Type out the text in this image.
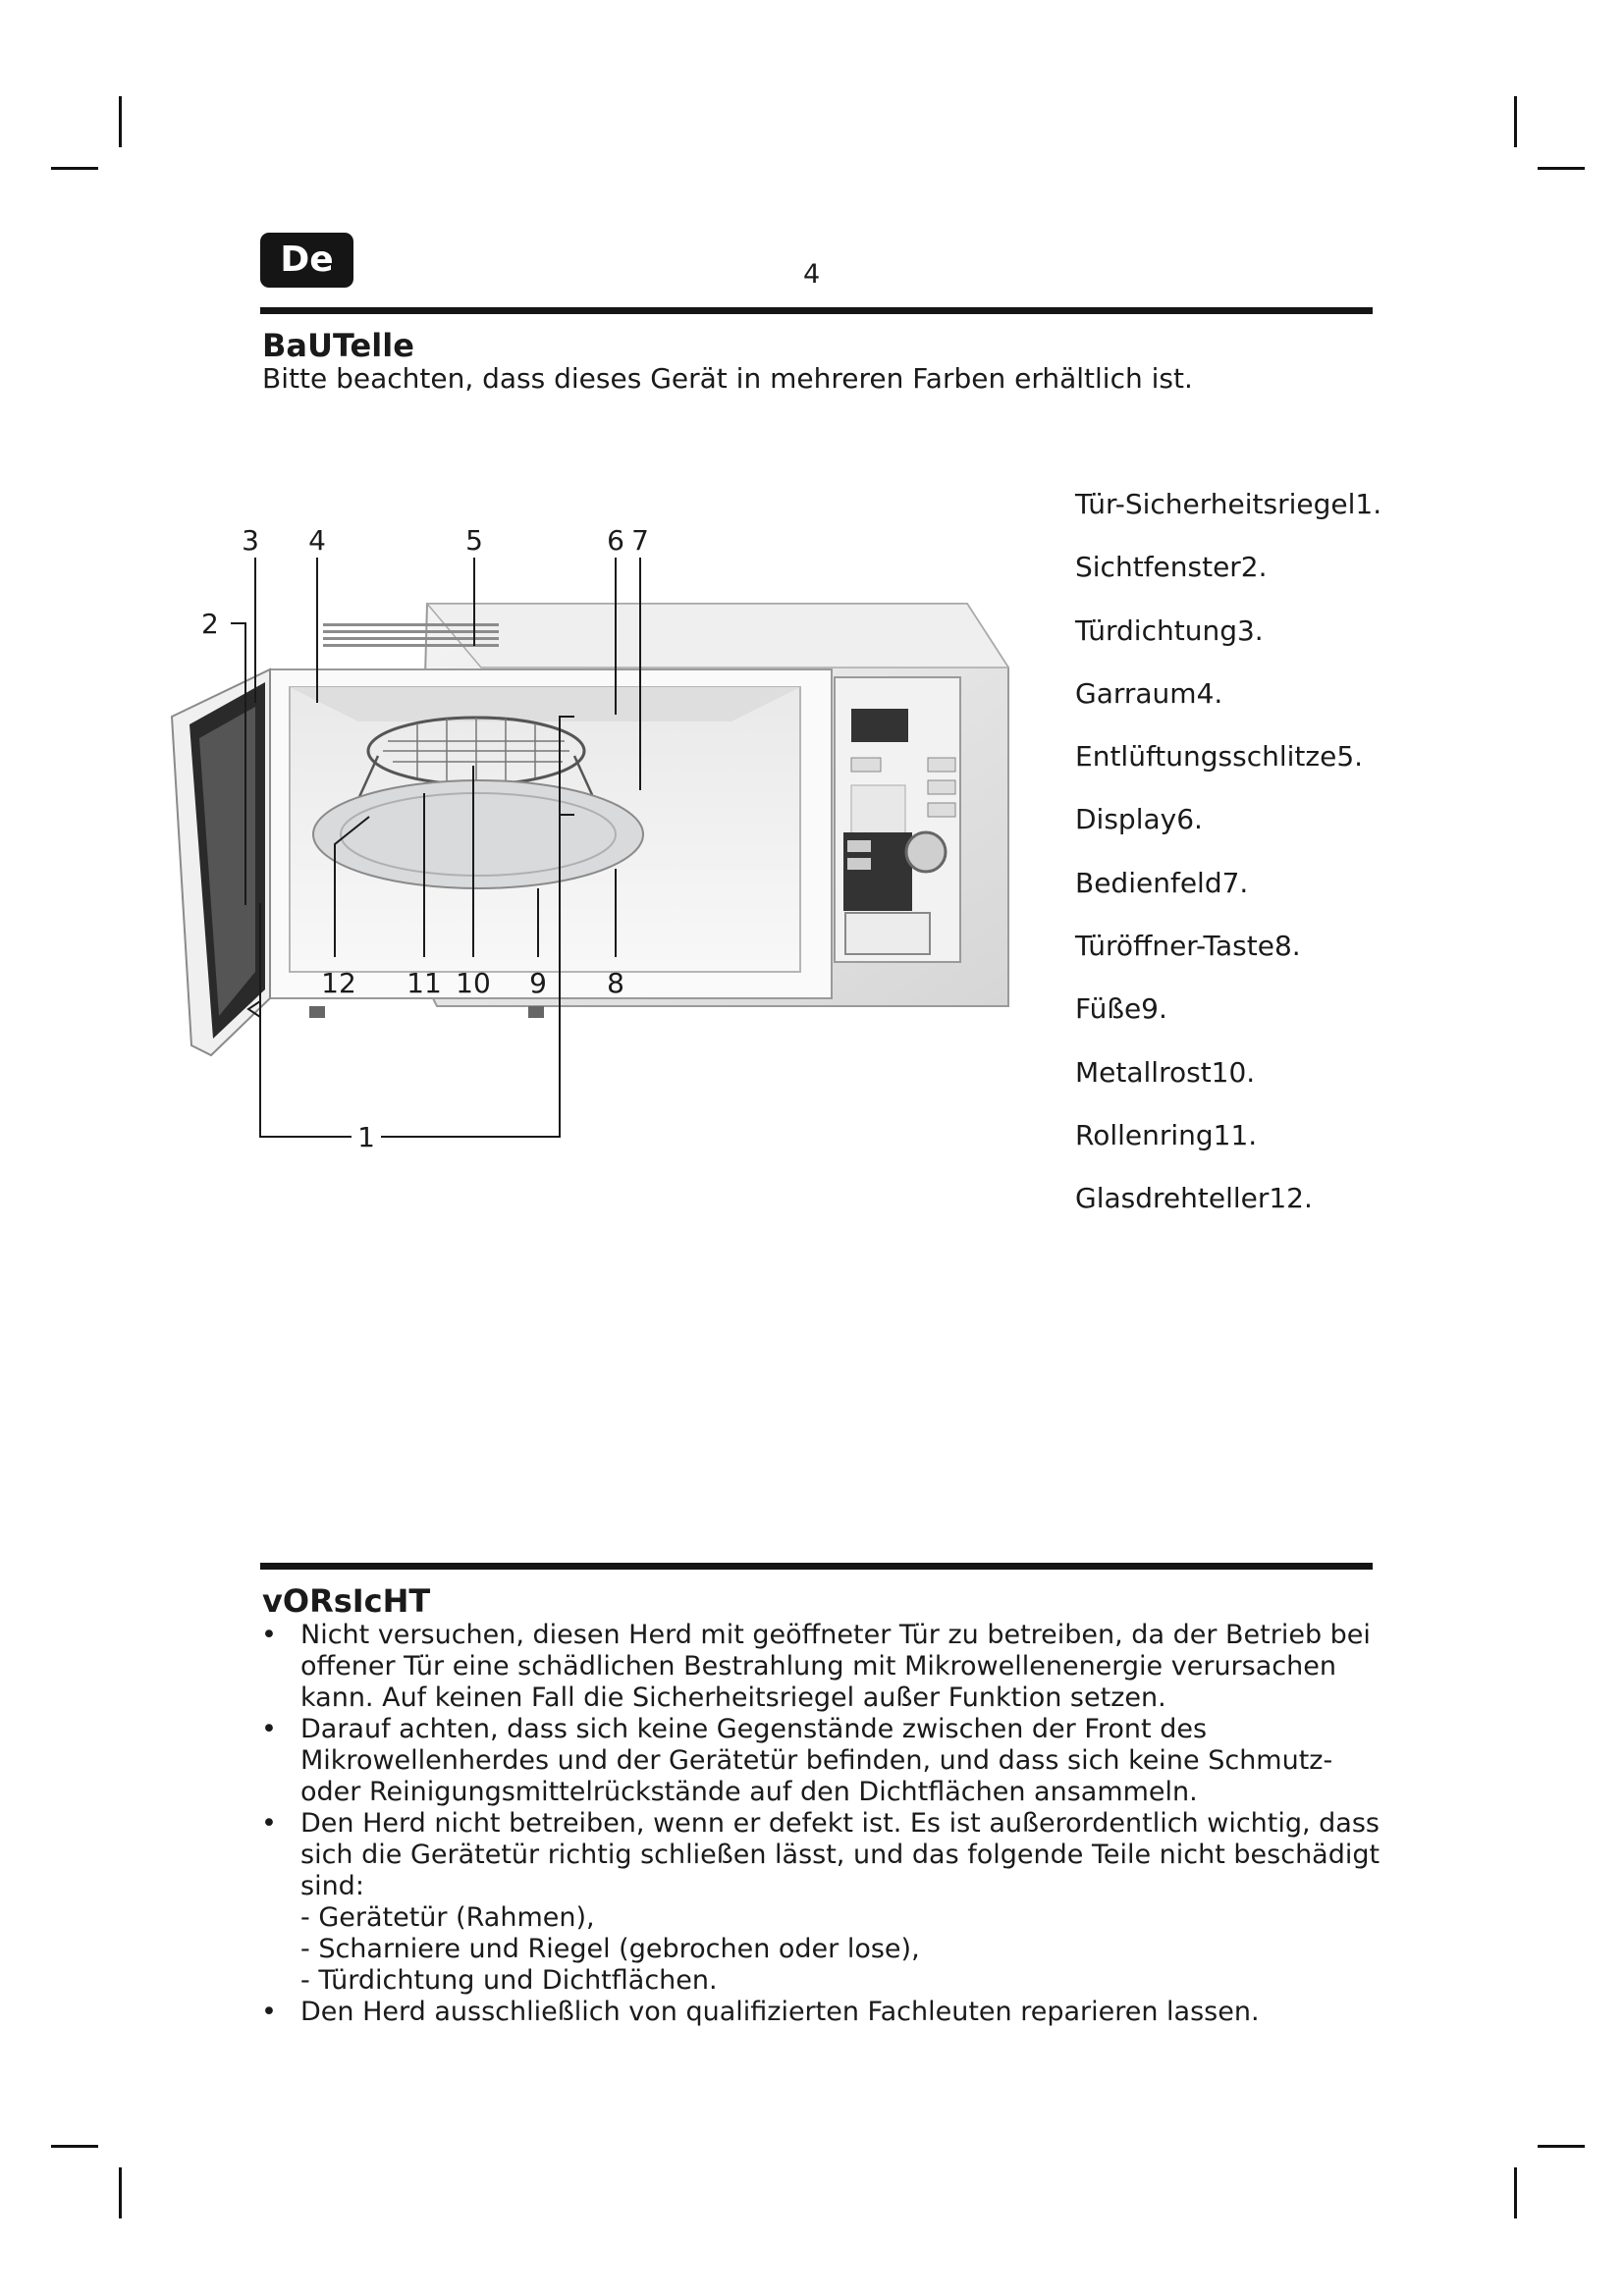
De	4
BaUTelle
Bitte beachten, dass dieses Gerät in mehreren Farben erhältlich ist.
2
3 4	5	6 7
12 11 10 9 8
1
Tür-Sicherheitsriegel1.
Sichtfenster2.
Türdichtung3.
Garraum4.
Entlüftungsschlitze5.
Display6.
Bedienfeld7.
Türöffner-Taste8.
Füße9.
Metallrost10.
Rollenring11.
Glasdrehteller12.
vORsIcHT
• Nicht versuchen, diesen Herd mit geöffneter Tür zu betreiben, da der Betrieb bei offener Tür eine schädlichen Bestrahlung mit Mikrowellenenergie verursachen kann. Auf keinen Fall die Sicherheitsriegel außer Funktion setzen.
• Darauf achten, dass sich keine Gegenstände zwischen der Front des Mikrowellenherdes und der Gerätetür befinden, und dass sich keine Schmutz- oder Reinigungsmittelrückstände auf den Dichtflächen ansammeln.
• Den Herd nicht betreiben, wenn er defekt ist. Es ist außerordentlich wichtig, dass sich die Gerätetür richtig schließen lässt, und das folgende Teile nicht beschädigt sind:
- Gerätetür (Rahmen),
- Scharniere und Riegel (gebrochen oder lose),
- Türdichtung und Dichtflächen.
• Den Herd ausschließlich von qualifizierten Fachleuten reparieren lassen.
